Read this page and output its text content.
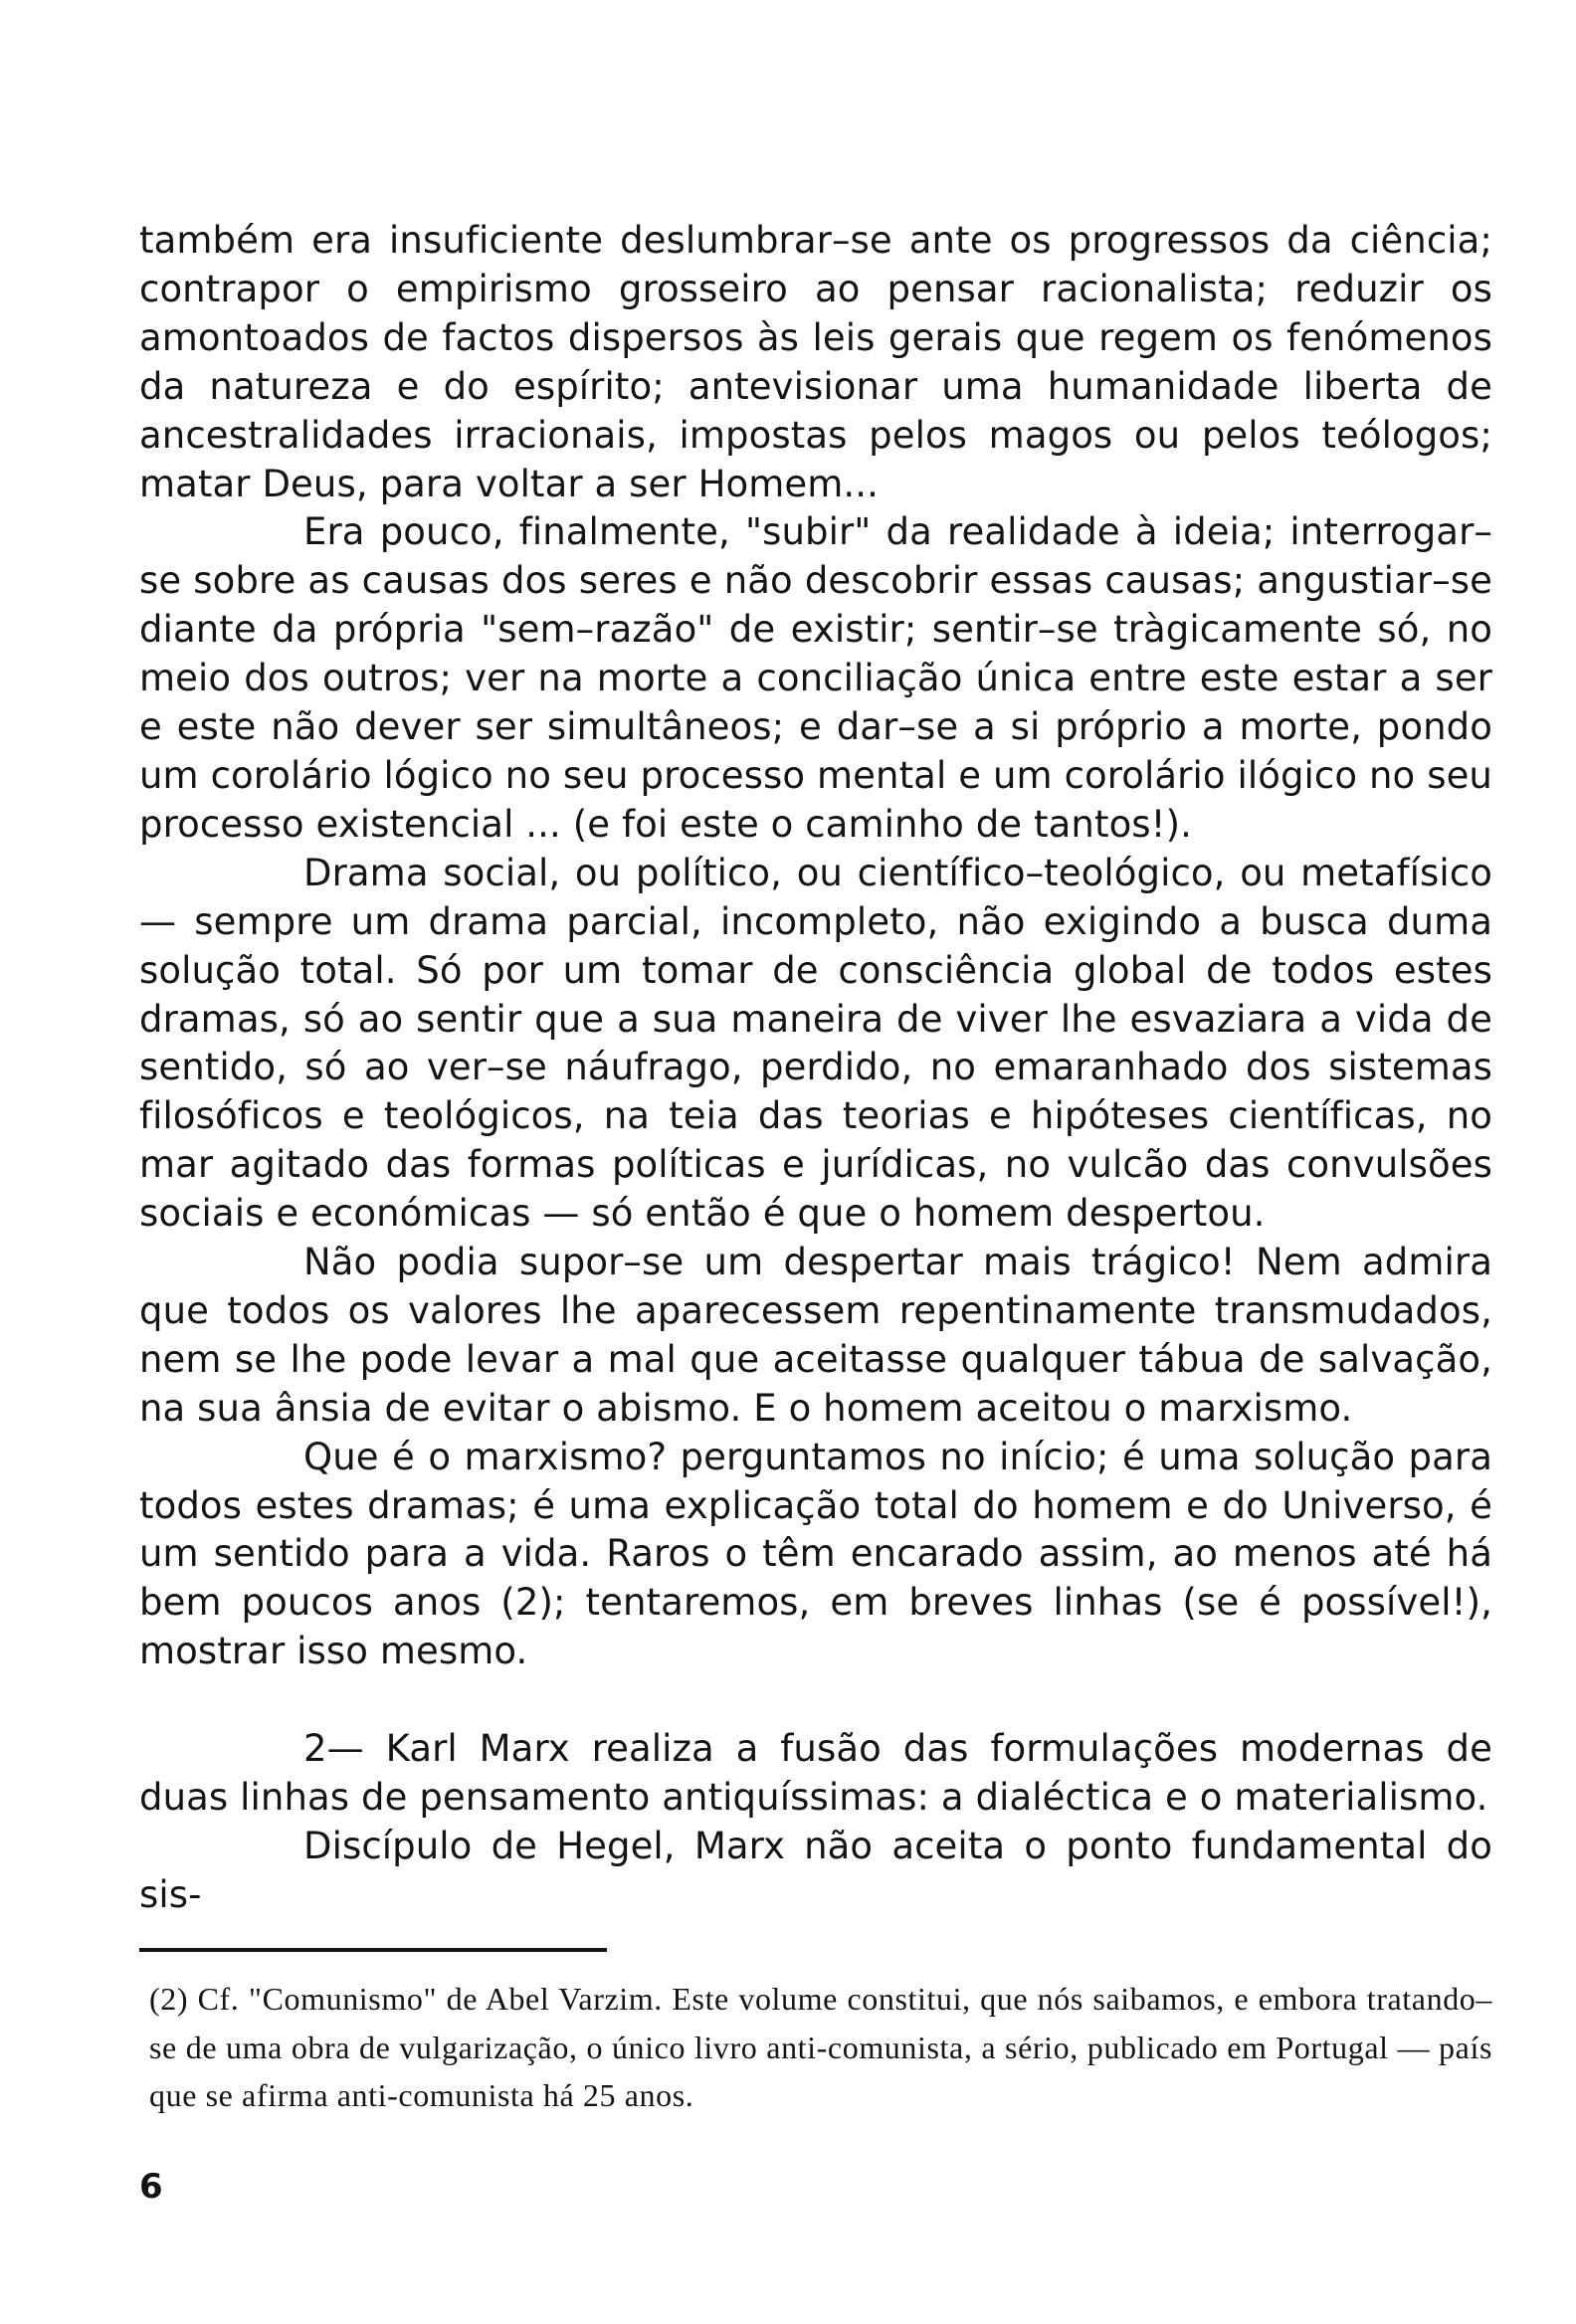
também era insuficiente deslumbrar–se ante os progressos da ciência; contrapor o empirismo grosseiro ao pensar racionalista; reduzir os amontoados de factos dispersos às leis gerais que regem os fenómenos da natureza e do espírito; antevisionar uma humanidade liberta de ancestralidades irracionais, impostas pelos magos ou pelos teólogos; matar Deus, para voltar a ser Homem...

Era pouco, finalmente, "subir" da realidade à ideia; interrogar–se sobre as causas dos seres e não descobrir essas causas; angustiar–se diante da própria "sem–razão" de existir; sentir–se tràgicamente só, no meio dos outros; ver na morte a conciliação única entre este estar a ser e este não dever ser simultâneos; e dar–se a si próprio a morte, pondo um corolário lógico no seu processo mental e um corolário ilógico no seu processo existencial ... (e foi este o caminho de tantos!).

Drama social, ou político, ou científico–teológico, ou metafísico — sempre um drama parcial, incompleto, não exigindo a busca duma solução total. Só por um tomar de consciência global de todos estes dramas, só ao sentir que a sua maneira de viver lhe esvaziara a vida de sentido, só ao ver–se náufrago, perdido, no emaranhado dos sistemas filosóficos e teológicos, na teia das teorias e hipóteses científicas, no mar agitado das formas políticas e jurídicas, no vulcão das convulsões sociais e económicas — só então é que o homem despertou.

Não podia supor–se um despertar mais trágico! Nem admira que todos os valores lhe aparecessem repentinamente transmudados, nem se lhe pode levar a mal que aceitasse qualquer tábua de salvação, na sua ânsia de evitar o abismo. E o homem aceitou o marxismo.

Que é o marxismo? perguntamos no início; é uma solução para todos estes dramas; é uma explicação total do homem e do Universo, é um sentido para a vida. Raros o têm encarado assim, ao menos até há bem poucos anos (2); tentaremos, em breves linhas (se é possível!), mostrar isso mesmo.

2— Karl Marx realiza a fusão das formulações modernas de duas linhas de pensamento antiquíssimas: a dialéctica e o materialismo.

Discípulo de Hegel, Marx não aceita o ponto fundamental do sis-

(2) Cf. "Comunismo" de Abel Varzim. Este volume constitui, que nós saibamos, e embora tratando–se de uma obra de vulgarização, o único livro anti-comunista, a sério, publicado em Portugal — país que se afirma anti-comunista há 25 anos.

6
